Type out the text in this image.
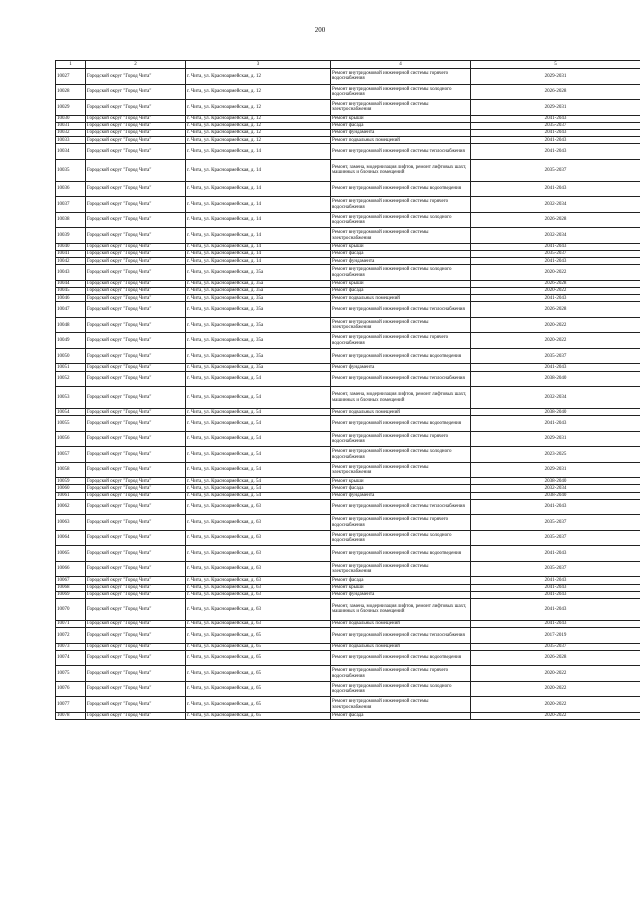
200
1	2	3	4	5
10027	Городской округ "Город Чита"	г. Чита, ул. Красноармейская, д. 12	Ремонт внутридомовой инженерной системы горячего водоснабжения	2029-2031
10028	Городской округ "Город Чита"	г. Чита, ул. Красноармейская, д. 12	Ремонт внутридомовой инженерной системы холодного водоснабжения	2026-2028
10029	Городской округ "Город Чита"	г. Чита, ул. Красноармейская, д. 12	Ремонт внутридомовой инженерной системы электроснабжения	2029-2031
10030	Городской округ "Город Чита"	г. Чита, ул. Красноармейская, д. 12	Ремонт крыши	2041-2043
10031	Городской округ "Город Чита"	г. Чита, ул. Красноармейская, д. 12	Ремонт фасада	2035-2037
10032	Городской округ "Город Чита"	г. Чита, ул. Красноармейская, д. 12	Ремонт фундамента	2041-2043
10033	Городской округ "Город Чита"	г. Чита, ул. Красноармейская, д. 12	Ремонт подвальных помещений	2041-2043
10034	Городской округ "Город Чита"	г. Чита, ул. Красноармейская, д. 14	Ремонт внутридомовой инженерной системы теплоснабжения	2041-2043
10035	Городской округ "Город Чита"	г. Чита, ул. Красноармейская, д. 14	Ремонт, замена, модернизация лифтов, ремонт лифтовых шахт, машинных и блочных помещений	2035-2037
10036	Городской округ "Город Чита"	г. Чита, ул. Красноармейская, д. 14	Ремонт внутридомовой инженерной системы водоотведения	2041-2043
10037	Городской округ "Город Чита"	г. Чита, ул. Красноармейская, д. 14	Ремонт внутридомовой инженерной системы горячего водоснабжения	2032-2034
10038	Городской округ "Город Чита"	г. Чита, ул. Красноармейская, д. 14	Ремонт внутридомовой инженерной системы холодного водоснабжения	2026-2028
10039	Городской округ "Город Чита"	г. Чита, ул. Красноармейская, д. 14	Ремонт внутридомовой инженерной системы электроснабжения	2032-2034
10040	Городской округ "Город Чита"	г. Чита, ул. Красноармейская, д. 14	Ремонт крыши	2041-2043
10041	Городской округ "Город Чита"	г. Чита, ул. Красноармейская, д. 14	Ремонт фасада	2035-2037
10042	Городской округ "Город Чита"	г. Чита, ул. Красноармейская, д. 14	Ремонт фундамента	2041-2043
10043	Городской округ "Город Чита"	г. Чита, ул. Красноармейская, д. 35а	Ремонт внутридомовой инженерной системы холодного водоснабжения	2020-2022
10044	Городской округ "Город Чита"	г. Чита, ул. Красноармейская, д. 35а	Ремонт крыши	2026-2028
10045	Городской округ "Город Чита"	г. Чита, ул. Красноармейская, д. 35а	Ремонт фасада	2020-2022
10046	Городской округ "Город Чита"	г. Чита, ул. Красноармейская, д. 35а	Ремонт подвальных помещений	2041-2043
10047	Городской округ "Город Чита"	г. Чита, ул. Красноармейская, д. 35а	Ремонт внутридомовой инженерной системы теплоснабжения	2026-2028
10048	Городской округ "Город Чита"	г. Чита, ул. Красноармейская, д. 35а	Ремонт внутридомовой инженерной системы электроснабжения	2020-2022
10049	Городской округ "Город Чита"	г. Чита, ул. Красноармейская, д. 35а	Ремонт внутридомовой инженерной системы горячего водоснабжения	2020-2022
10050	Городской округ "Город Чита"	г. Чита, ул. Красноармейская, д. 35а	Ремонт внутридомовой инженерной системы водоотведения	2035-2037
10051	Городской округ "Город Чита"	г. Чита, ул. Красноармейская, д. 35а	Ремонт фундамента	2041-2043
10052	Городской округ "Город Чита"	г. Чита, ул. Красноармейская, д. 54	Ремонт внутридомовой инженерной системы теплоснабжения	2038-2040
10053	Городской округ "Город Чита"	г. Чита, ул. Красноармейская, д. 54	Ремонт, замена, модернизация лифтов, ремонт лифтовых шахт, машинных и блочных помещений	2032-2034
10054	Городской округ "Город Чита"	г. Чита, ул. Красноармейская, д. 54	Ремонт подвальных помещений	2038-2040
10055	Городской округ "Город Чита"	г. Чита, ул. Красноармейская, д. 54	Ремонт внутридомовой инженерной системы водоотведения	2041-2043
10056	Городской округ "Город Чита"	г. Чита, ул. Красноармейская, д. 54	Ремонт внутридомовой инженерной системы горячего водоснабжения	2029-2031
10057	Городской округ "Город Чита"	г. Чита, ул. Красноармейская, д. 54	Ремонт внутридомовой инженерной системы холодного водоснабжения	2023-2025
10058	Городской округ "Город Чита"	г. Чита, ул. Красноармейская, д. 54	Ремонт внутридомовой инженерной системы электроснабжения	2029-2031
10059	Городской округ "Город Чита"	г. Чита, ул. Красноармейская, д. 54	Ремонт крыши	2038-2040
10060	Городской округ "Город Чита"	г. Чита, ул. Красноармейская, д. 54	Ремонт фасада	2032-2034
10061	Городской округ "Город Чита"	г. Чита, ул. Красноармейская, д. 54	Ремонт фундамента	2038-2040
10062	Городской округ "Город Чита"	г. Чита, ул. Красноармейская, д. 63	Ремонт внутридомовой инженерной системы теплоснабжения	2041-2043
10063	Городской округ "Город Чита"	г. Чита, ул. Красноармейская, д. 63	Ремонт внутридомовой инженерной системы горячего водоснабжения	2035-2037
10064	Городской округ "Город Чита"	г. Чита, ул. Красноармейская, д. 63	Ремонт внутридомовой инженерной системы холодного водоснабжения	2035-2037
10065	Городской округ "Город Чита"	г. Чита, ул. Красноармейская, д. 63	Ремонт внутридомовой инженерной системы водоотведения	2041-2043
10066	Городской округ "Город Чита"	г. Чита, ул. Красноармейская, д. 63	Ремонт внутридомовой инженерной системы электроснабжения	2035-2037
10067	Городской округ "Город Чита"	г. Чита, ул. Красноармейская, д. 63	Ремонт фасада	2041-2043
10068	Городской округ "Город Чита"	г. Чита, ул. Красноармейская, д. 63	Ремонт крыши	2041-2043
10069	Городской округ "Город Чита"	г. Чита, ул. Красноармейская, д. 63	Ремонт фундамента	2041-2043
10070	Городской округ "Город Чита"	г. Чита, ул. Красноармейская, д. 63	Ремонт, замена, модернизация лифтов, ремонт лифтовых шахт, машинных и блочных помещений	2041-2043
10071	Городской округ "Город Чита"	г. Чита, ул. Красноармейская, д. 63	Ремонт подвальных помещений	2041-2043
10072	Городской округ "Город Чита"	г. Чита, ул. Красноармейская, д. 65	Ремонт внутридомовой инженерной системы теплоснабжения	2017-2019
10073	Городской округ "Город Чита"	г. Чита, ул. Красноармейская, д. 65	Ремонт подвальных помещений	2035-2037
10074	Городской округ "Город Чита"	г. Чита, ул. Красноармейская, д. 65	Ремонт внутридомовой инженерной системы водоотведения	2026-2028
10075	Городской округ "Город Чита"	г. Чита, ул. Красноармейская, д. 65	Ремонт внутридомовой инженерной системы горячего водоснабжения	2020-2022
10076	Городской округ "Город Чита"	г. Чита, ул. Красноармейская, д. 65	Ремонт внутридомовой инженерной системы холодного водоснабжения	2020-2022
10077	Городской округ "Город Чита"	г. Чита, ул. Красноармейская, д. 65	Ремонт внутридомовой инженерной системы электроснабжения	2020-2022
10078	Городской округ "Город Чита"	г. Чита, ул. Красноармейская, д. 65	Ремонт фасада	2020-2022
